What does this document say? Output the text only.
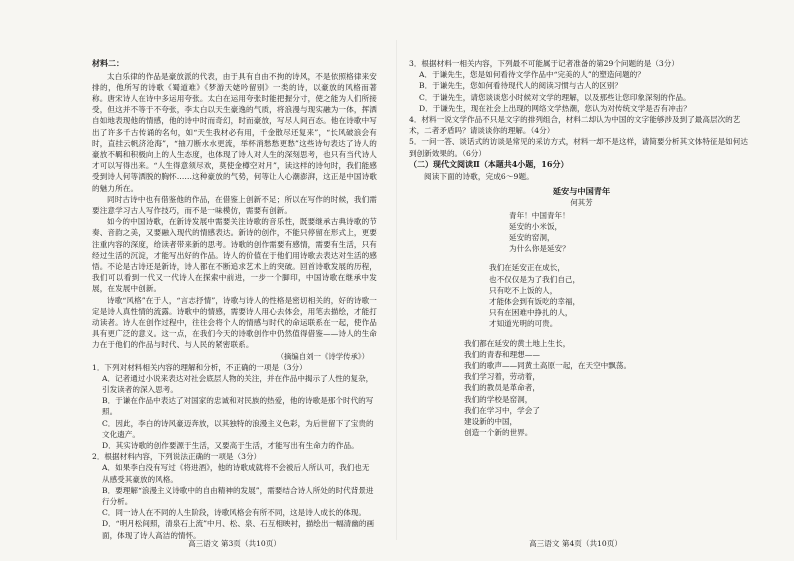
材料二：

太白乐律的作品是豪放派的代表，由于具有自由不拘的诗风，不是依照格律来安排的，他所写的诗歌《蜀道难》《梦游天姥吟留别》一类的诗，以豪放的风格而著称。唐宋诗人在诗中多运用夸张。太白在运用夸张时能把握分寸，使之能为人们所接受，但这并不等于不夸张，李太白以天生豪逸的气质，将浪漫与现实融为一体，挥洒自如地表现他的情感，他的诗中时而奇幻，时而豪放，写尽人间百态。他在诗歌中写出了许多千古传诵的名句，如“天生我材必有用，千金散尽还复来”，“长风破浪会有时，直挂云帆济沧海”，“抽刀断水水更流，举杯消愁愁更愁”这些诗句表达了诗人的豪放不羁和积极向上的人生态度，也体现了诗人对人生的深刻思考，也只有当代诗人才可以写得出来。“人生得意须尽欢，莫使金樽空对月”，读这样的诗句时，我们能感受到诗人何等洒脱的胸怀……这种豪放的气势，何等让人心潮澎湃，这正是中国诗歌的魅力所在。

同时古诗中也有借鉴他的作品，在借鉴上创新不足；所以在写作的时候，我们需要注意学习古人写作技巧，而不是一味模仿，需要有创新。

如今的中国诗歌，在新诗发展中需要关注诗歌的音乐性，既要继承古典诗歌的节奏、音韵之美，又要融入现代的情感表达。新诗的创作，不能只停留在形式上，更要注重内容的深度，给读者带来新的思考。诗歌的创作需要有感情，需要有生活，只有经过生活的沉淀，才能写出好的作品。诗人的价值在于他们用诗歌去表达对生活的感悟。不论是古诗还是新诗，诗人都在不断追求艺术上的突破。回首诗歌发展的历程，我们可以看到一代又一代诗人在探索中前进，一步一个脚印，中国诗歌在继承中发展，在发展中创新。

诗歌“风格”在于人，“言志抒情”，诗歌与诗人的性格是密切相关的，好的诗歌一定是诗人真性情的流露。诗歌中的情感，需要诗人用心去体会，用笔去描绘，才能打动读者。诗人在创作过程中，往往会将个人的情感与时代的命运联系在一起，使作品具有更广泛的意义。这一点，在我们今天的诗歌创作中仍然值得借鉴——诗人的生命力在于他们的作品与时代、与人民的紧密联系。

（摘编自刘一《诗学传承》）

1．下列对材料相关内容的理解和分析，不正确的一项是（3分）

A．记者通过小说来表达对社会底层人物的关注，并在作品中揭示了人性的复杂，引发读者的深入思考。

B．于谦在作品中表达了对国家的忠诚和对民族的热爱，他的诗歌是那个时代的写照。

C．因此，李白的诗风豪迈奔放，以其独特的浪漫主义色彩，为后世留下了宝贵的文化遗产。

D．其实诗歌的创作要源于生活，又要高于生活，才能写出有生命力的作品。

2．根据材料内容，下列说法正确的一项是（3分）

A．如果李白没有写过《将进酒》，他的诗歌成就将不会被后人所认可，我们也无从感受其豪放的风格。

B．要理解“浪漫主义诗歌中的自由精神的发展”，需要结合诗人所处的时代背景进行分析。

C．同一诗人在不同的人生阶段，诗歌风格会有所不同，这是诗人成长的体现。

D．“明月松间照，清泉石上流”中月、松、泉、石互相映衬，描绘出一幅清幽的画面，体现了诗人高洁的情怀。

高三语文 第3页（共10页）

3．根据材料一相关内容，下列最不可能属于记者准备的第29个问题的是（3分）

A．于谦先生，您是如何看待文学作品中“完美的人”的塑造问题的？

B．于谦先生，您如何看待现代人的阅读习惯与古人的区别？

C．于谦先生，请您谈谈您小时候对文学的理解，以及那些让您印象深刻的作品。

D．于谦先生，现在社会上出现的网络文学热潮，您认为对传统文学是否有冲击？

4．材料一说文学作品不只是文字的排列组合，材料二却认为中国的文字能够涉及到了最高层次的艺术，二者矛盾吗？请谈谈你的理解。（4分）

5．一问一答、谈话式的访谈是常见的采访方式，材料一却不是这样，请简要分析其文体特征是如何达到创新效果的。（6分）

（二）现代文阅读Ⅱ（本题共4小题，16分）

阅读下面的诗歌，完成6～9题。

延安与中国青年

何其芳

青年！中国青年！

延安的小米饭，

延安的窑洞，

为什么你是延安？

我们在延安正在成长，

也不仅仅是为了我们自己，

只有吃不上饭的人，

才能体会到有饭吃的幸福，

只有在困难中挣扎的人，

才知道光明的可贵。

我们都在延安的黄土地上生长，

我们的青春和理想——

我们的歌声——同黄土高原一起，在天空中飘荡。

我们学习着，劳动着，

我们的教员是革命者，

我们的学校是窑洞，

我们在学习中，学会了

建设新的中国，

创造一个新的世界。

高三语文 第4页（共10页）
